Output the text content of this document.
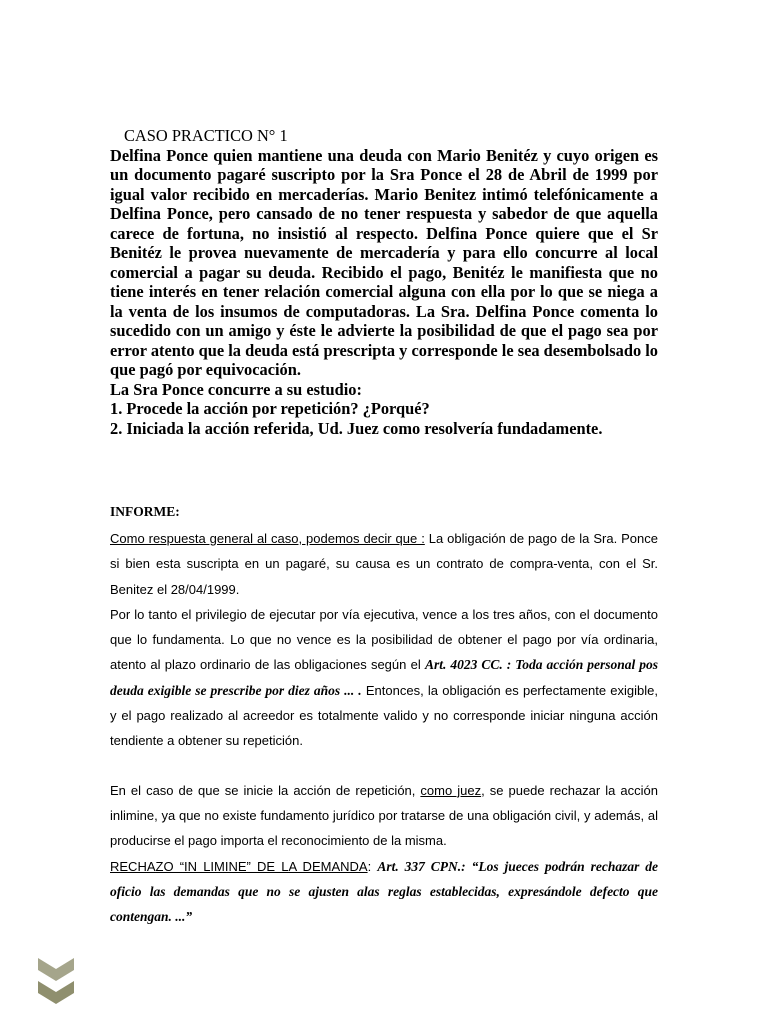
CASO PRACTICO N° 1

Delfina Ponce quien mantiene una deuda con Mario Benitéz y cuyo origen es un documento pagaré suscripto por la Sra Ponce el 28 de Abril de 1999 por igual valor recibido en mercaderías. Mario Benitez intimó telefónicamente a Delfina Ponce, pero cansado de no tener respuesta y sabedor de que aquella carece de fortuna, no insistió al respecto. Delfina Ponce quiere que el Sr Benitéz le provea nuevamente de mercadería y para ello concurre al local comercial a pagar su deuda. Recibido el pago, Benitéz le manifiesta que no tiene interés en tener relación comercial alguna con ella por lo que se niega a la venta de los insumos de computadoras. La Sra. Delfina Ponce comenta lo sucedido con un amigo y éste le advierte la posibilidad de que el pago sea por error atento que la deuda está prescripta y corresponde le sea desembolsado lo que pagó por equivocación.

La Sra Ponce concurre a su estudio:

1. Procede la acción por repetición? ¿Porqué?

2. Iniciada la acción referida, Ud. Juez como resolvería fundadamente.

INFORME:

Como respuesta general al caso, podemos decir que : La obligación de pago de la Sra. Ponce si bien esta suscripta en un pagaré, su causa es un contrato de compra-venta, con el Sr. Benitez el 28/04/1999.

Por lo tanto el privilegio de ejecutar por vía ejecutiva, vence a los tres años, con el documento que lo fundamenta. Lo que no vence es la posibilidad de obtener el pago por vía ordinaria, atento al plazo ordinario de las obligaciones según el Art. 4023 CC. : Toda acción personal pos deuda exigible se prescribe por diez años ... . Entonces, la obligación es perfectamente exigible, y el pago realizado al acreedor es totalmente valido y no corresponde iniciar ninguna acción tendiente a obtener su repetición.

En el caso de que se inicie la acción de repetición, como juez, se puede rechazar la acción inlimine, ya que no existe fundamento jurídico por tratarse de una obligación civil, y además, al producirse el pago importa el reconocimiento de la misma.

RECHAZO “IN LIMINE” DE LA DEMANDA: Art. 337 CPN.: “Los jueces podrán rechazar de oficio las demandas que no se ajusten alas reglas establecidas, expresándole defecto que contengan. ...”
